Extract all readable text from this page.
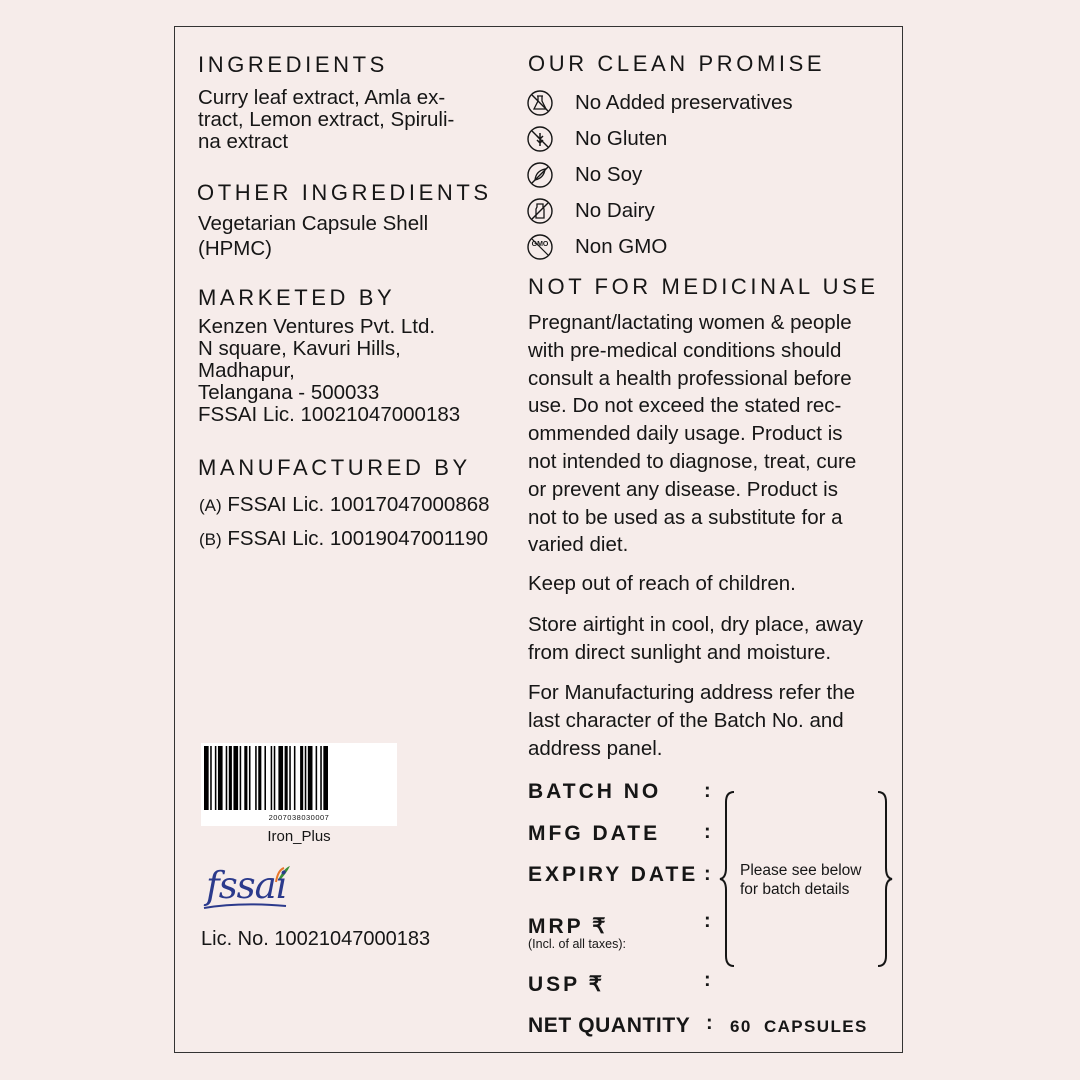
INGREDIENTS
Curry leaf extract, Amla ex-
tract, Lemon extract, Spiruli-
na extract
OTHER INGREDIENTS
Vegetarian Capsule Shell
(HPMC)
MARKETED BY
Kenzen Ventures Pvt. Ltd.
N square, Kavuri Hills,
Madhapur,
Telangana - 500033
FSSAI Lic. 10021047000183
MANUFACTURED BY
(A) FSSAI Lic. 10017047000868
(B) FSSAI Lic. 10019047001190
2007038030007
Iron_Plus
fssai
Lic. No. 10021047000183
OUR CLEAN PROMISE
No Added preservatives
No Gluten
No Soy
No Dairy
GMO Non GMO
NOT FOR MEDICINAL USE
Pregnant/lactating women & people
with pre-medical conditions should
consult a health professional before
use. Do not exceed the stated rec-
ommended daily usage. Product is
not intended to diagnose, treat, cure
or prevent any disease. Product is
not to be used as a substitute for a
varied diet.
Keep out of reach of children.
Store airtight in cool, dry place, away
from direct sunlight and moisture.
For Manufacturing address refer the
last character of the Batch No. and
address panel.
BATCH NO :
MFG DATE :
EXPIRY DATE :
MRP ₹
(Incl. of all taxes):
:
USP ₹	:
Please see below
for batch details
NET QUANTITY : 60  CAPSULES
